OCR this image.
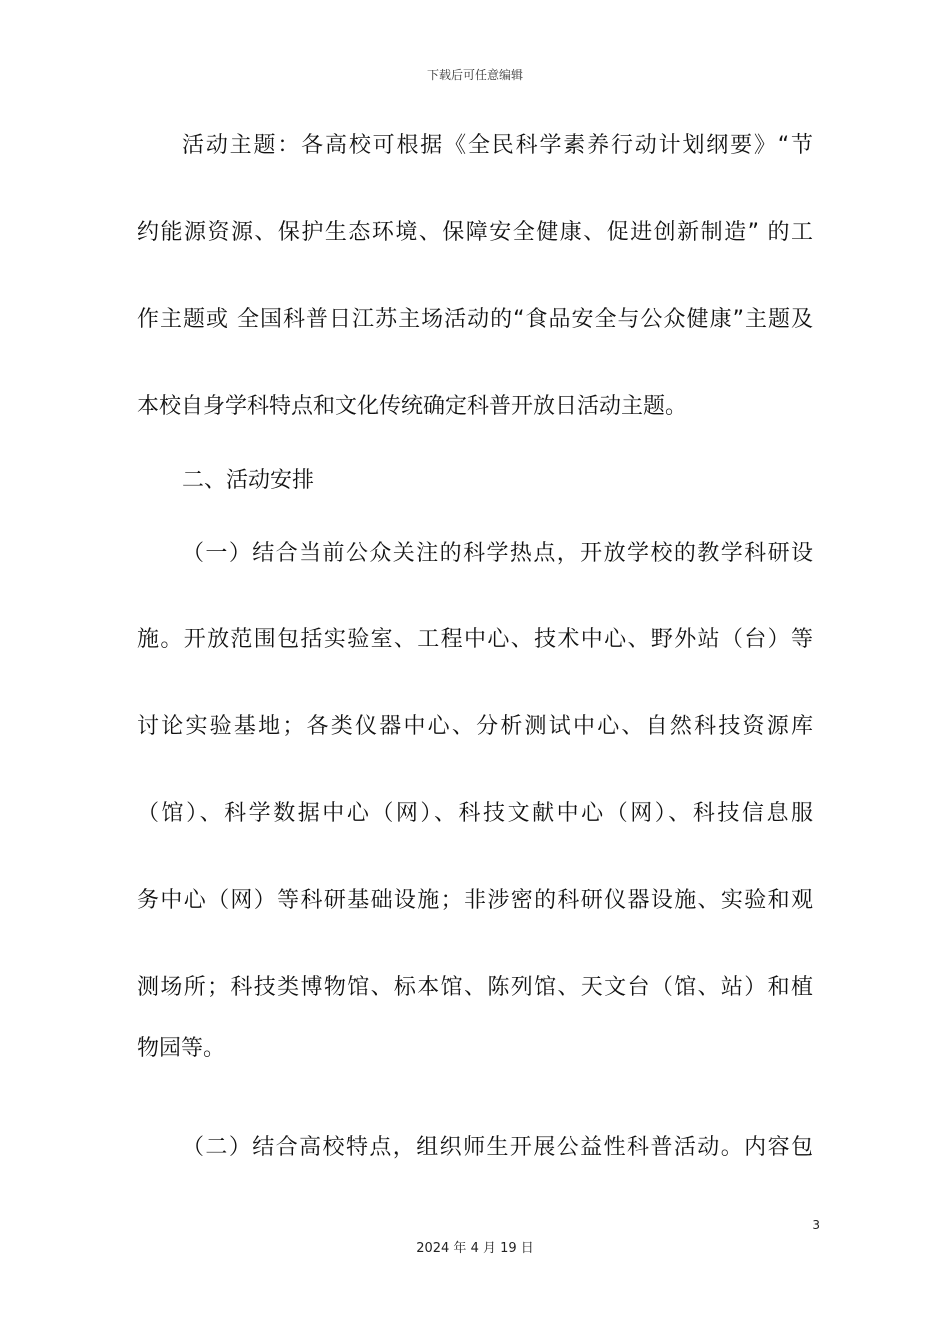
下载后可任意编辑
活动主题：各高校可根据《全民科学素养行动计划纲要》“节
约能源资源、保护生态环境、保障安全健康、促进创新制造” 的工
作主题或 全国科普日江苏主场活动的“食品安全与公众健康”主题及
本校自身学科特点和文化传统确定科普开放日活动主题。
二、活动安排
（一）结合当前公众关注的科学热点，开放学校的教学科研设
施。开放范围包括实验室、工程中心、技术中心、野外站（台）等
讨论实验基地；各类仪器中心、分析测试中心、自然科技资源库
（馆）、科学数据中心（网）、科技文献中心（网）、科技信息服
务中心（网）等科研基础设施；非涉密的科研仪器设施、实验和观
测场所；科技类博物馆、标本馆、陈列馆、天文台（馆、站）和植
物园等。
（二）结合高校特点，组织师生开展公益性科普活动。内容包
3
2024 年 4 月 19 日
